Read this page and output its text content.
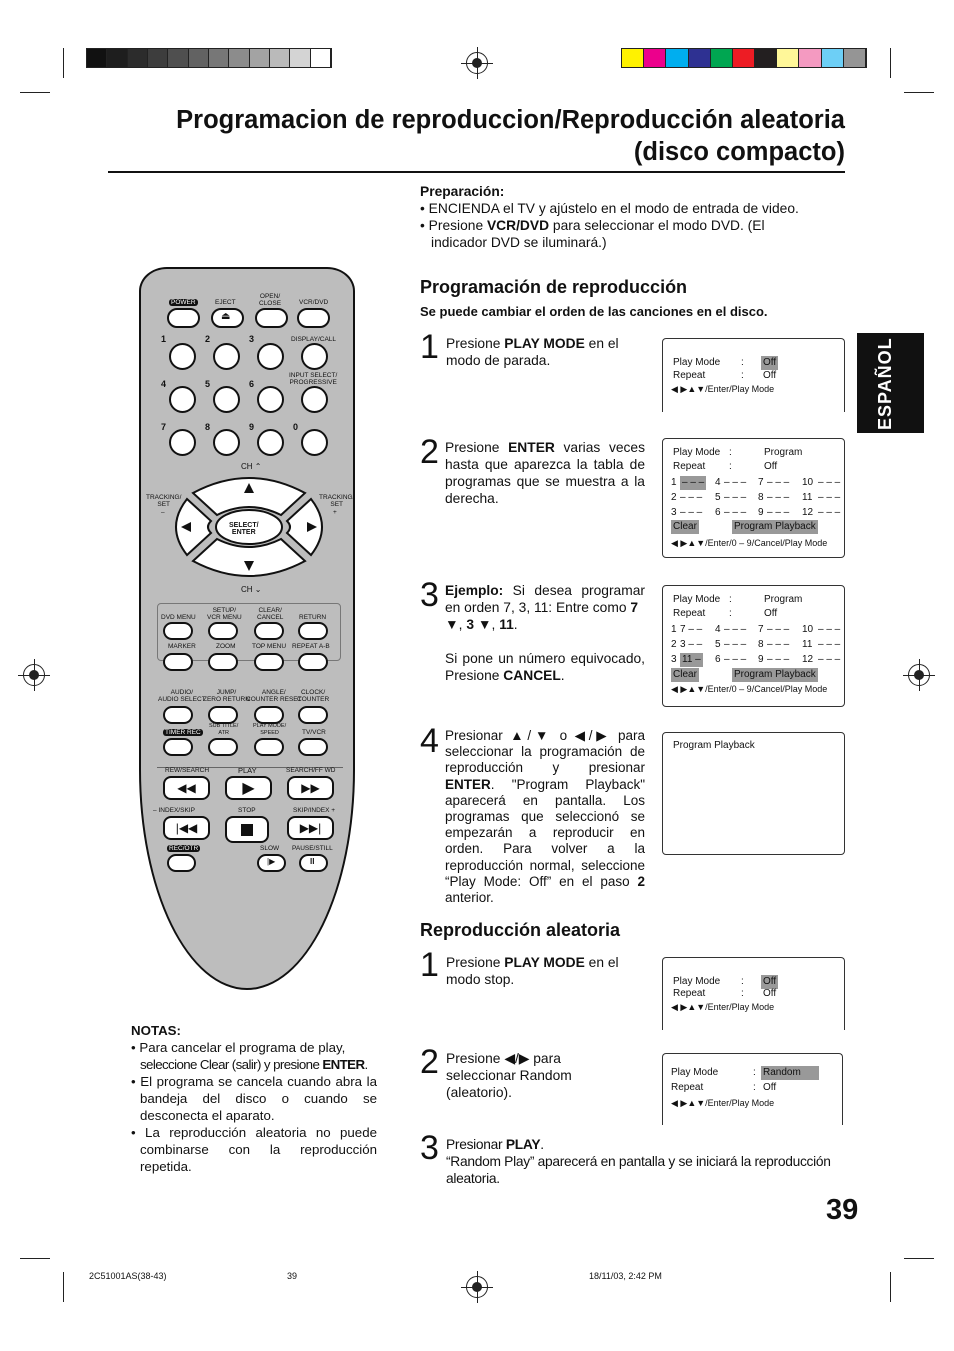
Programacion de reproduccion/Reproducción aleatoria
(disco compacto)
ESPAÑOL
Preparación:
• ENCIENDA el TV y ajústelo en el modo de entrada de video.
• Presione VCR/DVD para seleccionar el modo DVD. (El
indicador DVD se iluminará.)
Programación de reproducción
Se puede cambiar el orden de las canciones en el disco.
1 Presione PLAY MODE en el
modo de parada.	Play Mode : Off
Repeat	: Off
◀ ▶▲▼/Enter/Play Mode
2 Presione ENTER varias veces hasta que aparezca la tabla de programas que se muestra a la derecha.
Play Mode :	Program
Repeat :	Off
1 – – – 4 – – – 7 – – – 10 – – –
2 – – – 5 – – – 8 – – – 11 – – –
3 – – – 6 – – – 9 – – – 12 – – –
Clear	Program Playback
◀ ▶▲▼/Enter/0 – 9/Cancel/Play Mode
3 Ejemplo: Si desea programar en orden 7, 3, 11: Entre como 7
▼, 3 ▼, 11.
Si pone un número equivocado, Presione CANCEL.
Play Mode :	Program
Repeat :	Off
1 7 – – 4 – – – 7 – – – 10 – – –
2 3 – – 5 – – – 8 – – – 11 – – –
3 11 – 6 – – – 9 – – – 12 – – –
Clear	Program Playback
◀ ▶▲▼/Enter/0 – 9/Cancel/Play Mode
4 Presionar ▲/▼ o ◀/▶ para seleccionar la programación de reproducción y presionar ENTER. "Program Playback" aparecerá en pantalla. Los programas que seleccionó se empezarán a reproducir en orden. Para volver a la reproducción normal, seleccione “Play Mode: Off” en el paso 2 anterior.
Program Playback
Reproducción aleatoria
1 Presione PLAY MODE en el
modo stop.	Play Mode : Off
Repeat	: Off
◀ ▶▲▼/Enter/Play Mode
2 Presione ◀/▶ para
seleccionar Random
(aleatorio).
Play Mode	: Random
Repeat	: Off
◀ ▶▲▼/Enter/Play Mode
3 Presionar PLAY.
“Random Play” aparecerá en pantalla y se iniciará la reproducción
aleatoria.
NOTAS:
• Para cancelar el programa de play,
seleccione Clear (salir) y presione ENTER.
• El programa se cancela cuando abra la bandeja del disco o cuando se desconecta el aparato.
• La reproducción aleatoria no puede combinarse con la reproducción repetida.
POWER	EJECT
OPEN/
CLOSE	VCR/DVD
⏏
1	2	3	DISPLAY/CALL
4	5	6
INPUT SELECT/
PROGRESSIVE
7	8	9	0
CH ⌃
TRACKING/
SET
TRACKING/
SET
–	+
SELECT/
ENTER
CH ⌄
DVD MENU
SETUP/
VCR MENU
CLEAR/
CANCEL RETURN
MARKER	ZOOM	TOP MENU REPEAT A-B
AUDIO/
AUDIO SELECT
JUMP/
ZERO RETURN
ANGLE/
COUNTER RESET
CLOCK/
COUNTER
TIMER REC
SUB TITLE/
ATR
PLAY MODE/
SPEED	TV/VCR
REW/SEARCH	PLAY	SEARCH/FF WD
◀◀	▶	▶▶
– INDEX/SKIP	STOP	SKIP/INDEX +
|◀◀	▶▶|
REC/OTR	SLOW PAUSE/STILL
|▶	II
39
2C51001AS(38-43)	39	18/11/03, 2:42 PM
